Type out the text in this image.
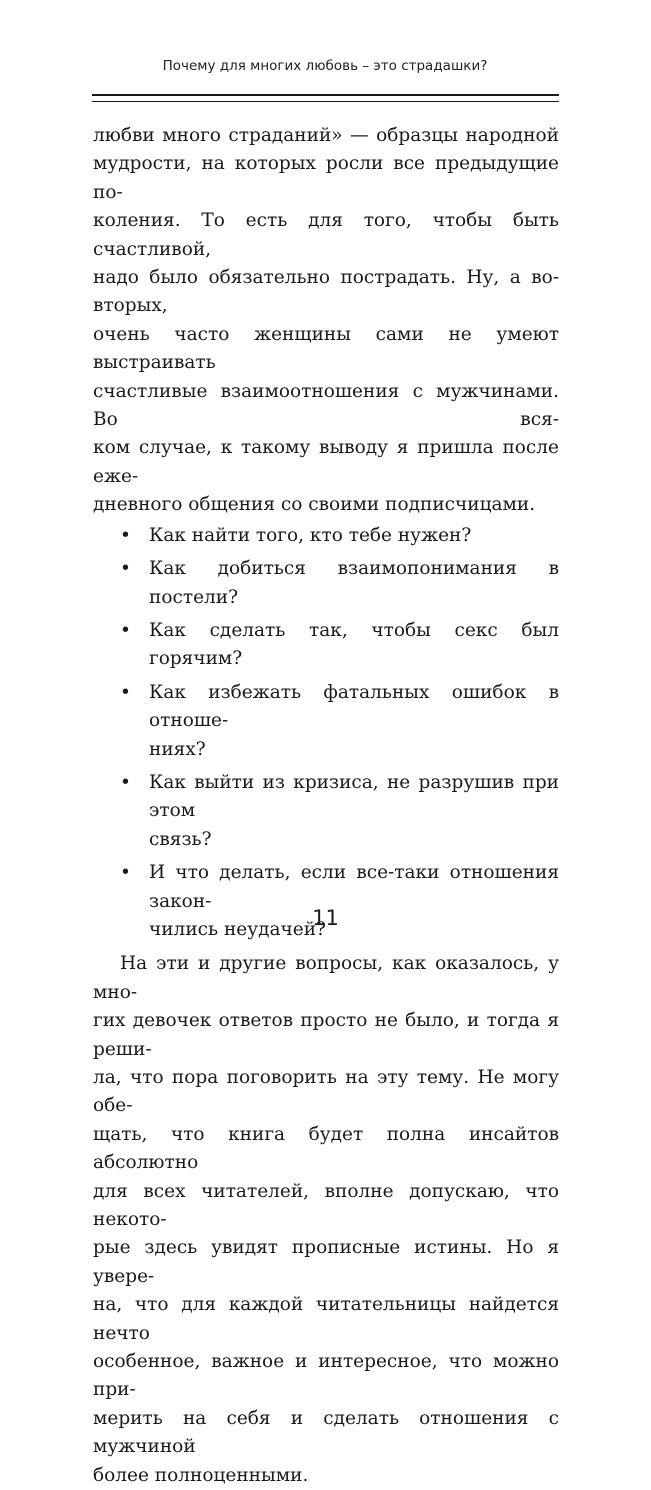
Почему для многих любовь – это страдашки?

любви много страданий» — образцы народной
мудрости, на которых росли все предыдущие по-
коления. То есть для того, чтобы быть счастливой,
надо было обязательно пострадать. Ну, а во-вторых,
очень часто женщины сами не умеют выстраивать
счастливые взаимоотношения с мужчинами. Во вся-
ком случае, к такому выводу я пришла после еже-
дневного общения со своими подписчицами.

• Как найти того, кто тебе нужен?
• Как добиться взаимопонимания в постели?
• Как сделать так, чтобы секс был горячим?
• Как избежать фатальных ошибок в отноше-
ниях?
• Как выйти из кризиса, не разрушив при этом
связь?
• И что делать, если все-таки отношения закон-
чились неудачей?

На эти и другие вопросы, как оказалось, у мно-
гих девочек ответов просто не было, и тогда я реши-
ла, что пора поговорить на эту тему. Не могу обе-
щать, что книга будет полна инсайтов абсолютно
для всех читателей, вполне допускаю, что некото-
рые здесь увидят прописные истины. Но я увере-
на, что для каждой читательницы найдется нечто
особенное, важное и интересное, что можно при-
мерить на себя и сделать отношения с мужчиной
более полноценными.

11
